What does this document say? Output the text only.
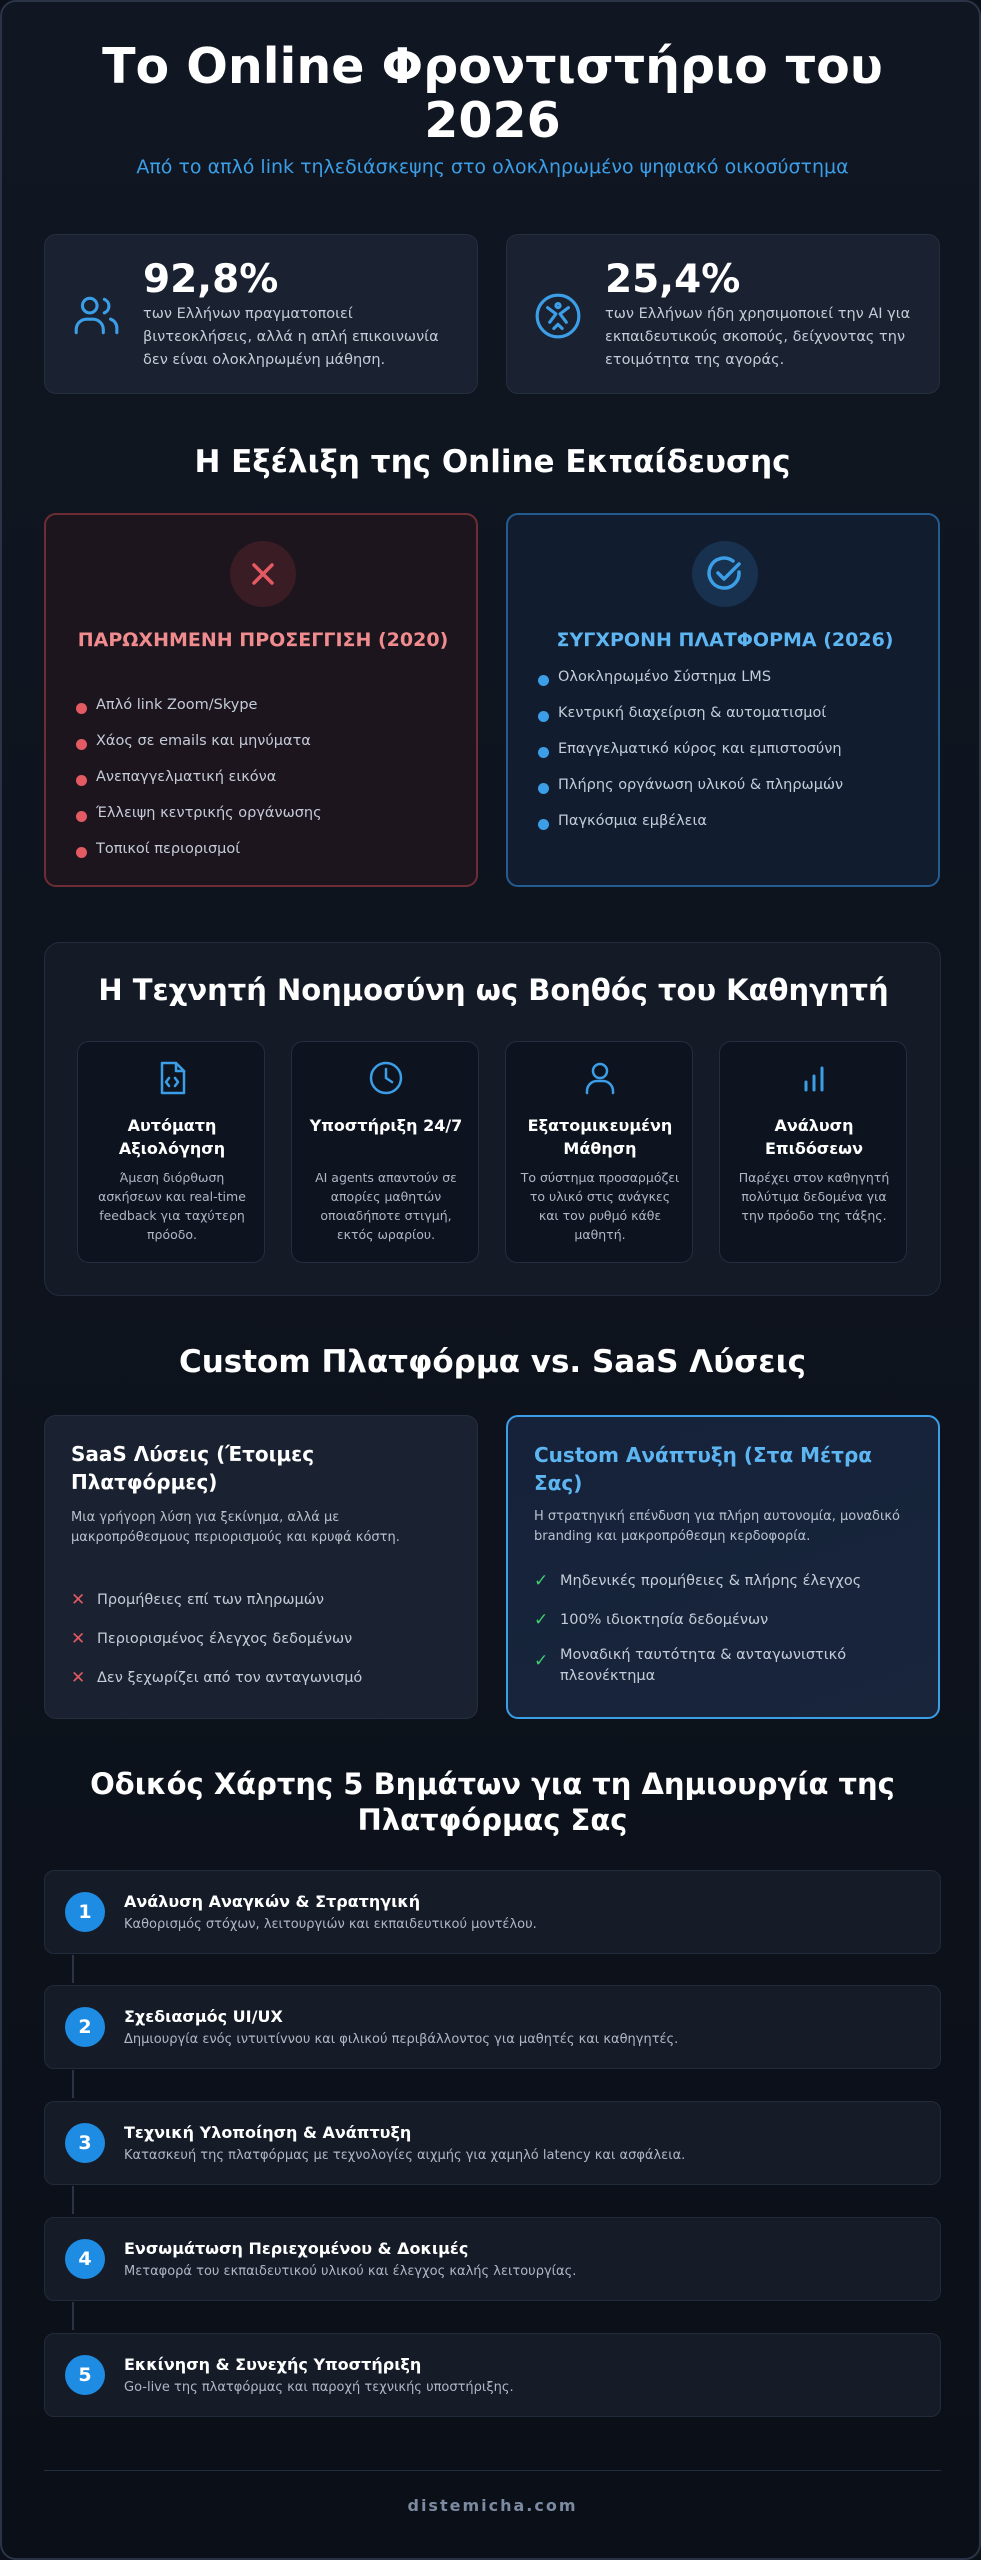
Το Online Φροντιστήριο του 2026
Από το απλό link τηλεδιάσκεψης στο ολοκληρωμένο ψηφιακό οικοσύστημα
92,8%
των Ελλήνων πραγματοποιεί βιντεοκλήσεις, αλλά η απλή επικοινωνία δεν είναι ολοκληρωμένη μάθηση.
25,4%
των Ελλήνων ήδη χρησιμοποιεί την AI για εκπαιδευτικούς σκοπούς, δείχνοντας την ετοιμότητα της αγοράς.
Η Εξέλιξη της Online Εκπαίδευσης
ΠΑΡΩΧΗΜΕΝΗ ΠΡΟΣΕΓΓΙΣΗ (2020)
Απλό link Zoom/Skype
Χάος σε emails και μηνύματα
Ανεπαγγελματική εικόνα
Έλλειψη κεντρικής οργάνωσης
Τοπικοί περιορισμοί
ΣΥΓΧΡΟΝΗ ΠΛΑΤΦΟΡΜΑ (2026)
Ολοκληρωμένο Σύστημα LMS
Κεντρική διαχείριση & αυτοματισμοί
Επαγγελματικό κύρος και εμπιστοσύνη
Πλήρης οργάνωση υλικού & πληρωμών
Παγκόσμια εμβέλεια
Η Τεχνητή Νοημοσύνη ως Βοηθός του Καθηγητή
Αυτόματη Αξιολόγηση
Άμεση διόρθωση ασκήσεων και real-time feedback για ταχύτερη πρόοδο.
Υποστήριξη 24/7
AI agents απαντούν σε απορίες μαθητών οποιαδήποτε στιγμή, εκτός ωραρίου.
Εξατομικευμένη Μάθηση
Το σύστημα προσαρμόζει το υλικό στις ανάγκες και τον ρυθμό κάθε μαθητή.
Ανάλυση Επιδόσεων
Παρέχει στον καθηγητή πολύτιμα δεδομένα για την πρόοδο της τάξης.
Custom Πλατφόρμα vs. SaaS Λύσεις
SaaS Λύσεις (Έτοιμες Πλατφόρμες)
Μια γρήγορη λύση για ξεκίνημα, αλλά με μακροπρόθεσμους περιορισμούς και κρυφά κόστη.
✕ Προμήθειες επί των πληρωμών
✕ Περιορισμένος έλεγχος δεδομένων
✕ Δεν ξεχωρίζει από τον ανταγωνισμό
Custom Ανάπτυξη (Στα Μέτρα Σας)
Η στρατηγική επένδυση για πλήρη αυτονομία, μοναδικό branding και μακροπρόθεσμη κερδοφορία.
✓ Μηδενικές προμήθειες & πλήρης έλεγχος
✓ 100% ιδιοκτησία δεδομένων
✓ Μοναδική ταυτότητα & ανταγωνιστικό πλεονέκτημα
Οδικός Χάρτης 5 Βημάτων για τη Δημιουργία της Πλατφόρμας Σας
1	Ανάλυση Αναγκών & Στρατηγική
Καθορισμός στόχων, λειτουργιών και εκπαιδευτικού μοντέλου.
2	Σχεδιασμός UI/UX
Δημιουργία ενός ιντυιτίvνου και φιλικού περιβάλλοντος για μαθητές και καθηγητές.
3	Τεχνική Υλοποίηση & Ανάπτυξη
Κατασκευή της πλατφόρμας με τεχνολογίες αιχμής για χαμηλό latency και ασφάλεια.
4	Ενσωμάτωση Περιεχομένου & Δοκιμές
Μεταφορά του εκπαιδευτικού υλικού και έλεγχος καλής λειτουργίας.
5	Εκκίνηση & Συνεχής Υποστήριξη
Go-live της πλατφόρμας και παροχή τεχνικής υποστήριξης.
distemicha.com
